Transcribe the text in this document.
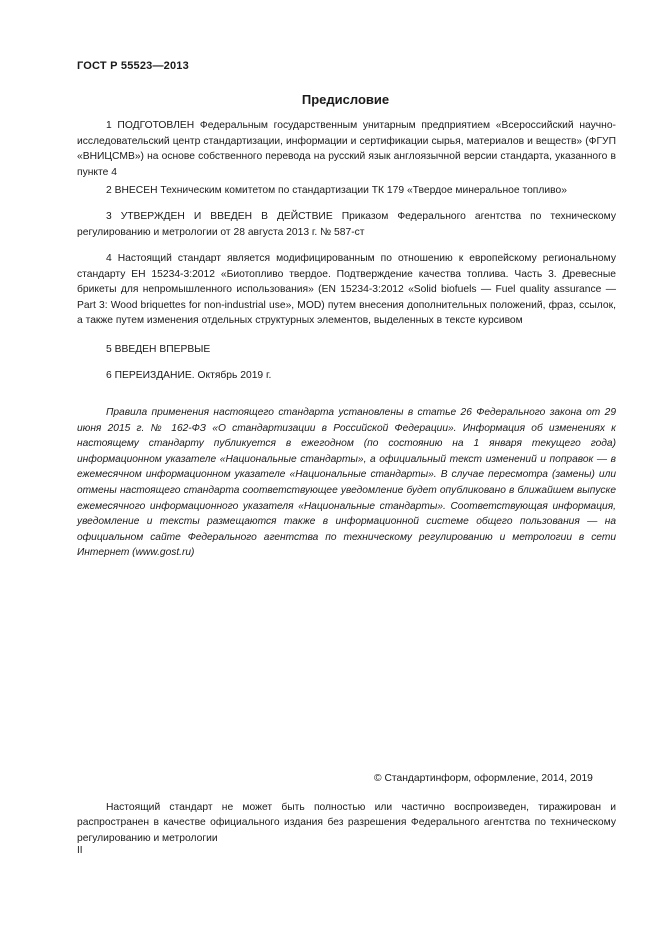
ГОСТ Р 55523—2013
Предисловие

1 ПОДГОТОВЛЕН Федеральным государственным унитарным предприятием «Всероссийский научно-исследовательский центр стандартизации, информации и сертификации сырья, материалов и веществ» (ФГУП «ВНИЦСМВ») на основе собственного перевода на русский язык англоязычной версии стандарта, указанного в пункте 4

2 ВНЕСЕН Техническим комитетом по стандартизации ТК 179 «Твердое минеральное топливо»

3 УТВЕРЖДЕН И ВВЕДЕН В ДЕЙСТВИЕ Приказом Федерального агентства по техническому регулированию и метрологии от 28 августа 2013 г. № 587-ст

4 Настоящий стандарт является модифицированным по отношению к европейскому региональному стандарту ЕН 15234-3:2012 «Биотопливо твердое. Подтверждение качества топлива. Часть 3. Древесные брикеты для непромышленного использования» (EN 15234-3:2012 «Solid biofuels — Fuel quality assurance — Part 3: Wood briquettes for non-industrial use», MOD) путем внесения дополнительных положений, фраз, ссылок, а также путем изменения отдельных структурных элементов, выделенных в тексте курсивом

5 ВВЕДЕН ВПЕРВЫЕ

6 ПЕРЕИЗДАНИЕ. Октябрь 2019 г.

Правила применения настоящего стандарта установлены в статье 26 Федерального закона от 29 июня 2015 г. № 162-ФЗ «О стандартизации в Российской Федерации». Информация об изменениях к настоящему стандарту публикуется в ежегодном (по состоянию на 1 января текущего года) информационном указателе «Национальные стандарты», а официальный текст изменений и поправок — в ежемесячном информационном указателе «Национальные стандарты». В случае пересмотра (замены) или отмены настоящего стандарта соответствующее уведомление будет опубликовано в ближайшем выпуске ежемесячного информационного указателя «Национальные стандарты». Соответствующая информация, уведомление и тексты размещаются также в информационной системе общего пользования — на официальном сайте Федерального агентства по техническому регулированию и метрологии в сети Интернет (www.gost.ru)

© Стандартинформ, оформление, 2014, 2019

Настоящий стандарт не может быть полностью или частично воспроизведен, тиражирован и распространен в качестве официального издания без разрешения Федерального агентства по техническому регулированию и метрологии

II
